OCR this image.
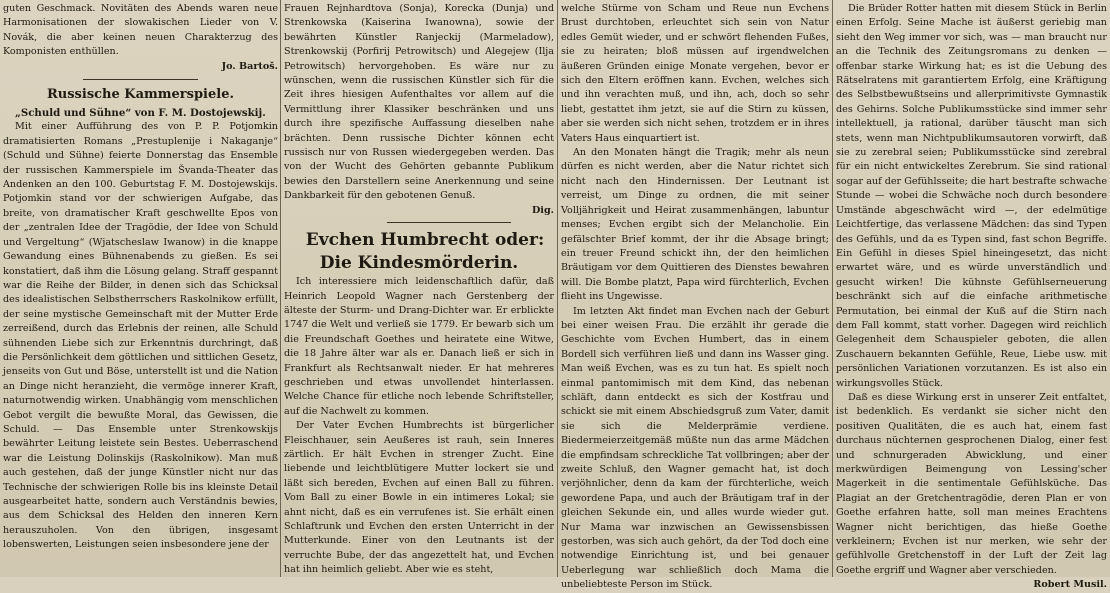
guten Geschmack. Novitäten des Abends waren neue Harmonisationen der slowakischen Lieder von V. Novák, die aber keinen neuen Charakterzug des Komponisten enthüllen.

Jo. Bartoš.

Russische Kammerspiele.

„Schuld und Sühne“ von F. M. Dostojewskij.

Mit einer Aufführung des von P. P. Potjomkin dramatisierten Romans „Prestuplenije i Nakaganje“ (Schuld und Sühne) feierte Donnerstag das Ensemble der russischen Kammerspiele im Švanda-Theater das Andenken an den 100. Geburtstag F. M. Dostojewskijs. Potjomkin stand vor der schwierigen Aufgabe, das breite, von dramatischer Kraft geschwellte Epos von der „zentralen Idee der Tragödie, der Idee von Schuld und Vergeltung“ (Wjatscheslaw Iwanow) in die knappe Gewandung eines Bühnenabends zu gießen. Es sei konstatiert, daß ihm die Lösung gelang. Straff gespannt war die Reihe der Bilder, in denen sich das Schicksal des idealistischen Selbstherrschers Raskolnikow erfüllt, der seine mystische Gemeinschaft mit der Mutter Erde zerreißend, durch das Erlebnis der reinen, alle Schuld sühnenden Liebe sich zur Erkenntnis durchringt, daß die Persönlichkeit dem göttlichen und sittlichen Gesetz, jenseits von Gut und Böse, unterstellt ist und die Nation an Dinge nicht heranzieht, die vermöge innerer Kraft, naturnotwendig wirken. Unabhängig vom menschlichen Gebot vergilt die bewußte Moral, das Gewissen, die Schuld. — Das Ensemble unter Strenkowskijs bewährter Leitung leistete sein Bestes. Ueberraschend war die Leistung Dolinskijs (Raskolnikow). Man muß auch gestehen, daß der junge Künstler nicht nur das Technische der schwierigen Rolle bis ins kleinste Detail ausgearbeitet hatte, sondern auch Verständnis bewies, aus dem Schicksal des Helden den inneren Kern herauszuholen. Von den übrigen, insgesamt lobenswerten, Leistungen seien insbesondere jene der

Frauen Rejnhardtova (Sonja), Korecka (Dunja) und Strenkowska (Kaiserina Iwanowna), sowie der bewährten Künstler Ranjeckij (Marmeladow), Strenkowskij (Porfirij Petrowitsch) und Alegejew (Ilja Petrowitsch) hervorgehoben. Es wäre nur zu wünschen, wenn die russischen Künstler sich für die Zeit ihres hiesigen Aufenthaltes vor allem auf die Vermittlung ihrer Klassiker beschränken und uns durch ihre spezifische Auffassung dieselben nahe brächten. Denn russische Dichter können echt russisch nur von Russen wiedergegeben werden. Das von der Wucht des Gehörten gebannte Publikum bewies den Darstellern seine Anerkennung und seine Dankbarkeit für den gebotenen Genuß.

Dig.

Evchen Humbrecht oder: Die Kindesmörderin.

Ich interessiere mich leidenschaftlich dafür, daß Heinrich Leopold Wagner nach Gerstenberg der älteste der Sturm- und Drang-Dichter war. Er erblickte 1747 die Welt und verließ sie 1779. Er bewarb sich um die Freundschaft Goethes und heiratete eine Witwe, die 18 Jahre älter war als er. Danach ließ er sich in Frankfurt als Rechtsanwalt nieder. Er hat mehreres geschrieben und etwas unvollendet hinterlassen. Welche Chance für etliche noch lebende Schriftsteller, auf die Nachwelt zu kommen.

Der Vater Evchen Humbrechts ist bürgerlicher Fleischhauer, sein Aeußeres ist rauh, sein Inneres zärtlich. Er hält Evchen in strenger Zucht. Eine liebende und leichtblütigere Mutter lockert sie und läßt sich bereden, Evchen auf einen Ball zu führen. Vom Ball zu einer Bowle in ein intimeres Lokal; sie ahnt nicht, daß es ein verrufenes ist. Sie erhält einen Schlaftrunk und Evchen den ersten Unterricht in der Mutterkunde. Einer von den Leutnants ist der verruchte Bube, der das angezettelt hat, und Evchen hat ihn heimlich geliebt. Aber wie es steht,

welche Stürme von Scham und Reue nun Evchens Brust durchtoben, erleuchtet sich sein von Natur edles Gemüt wieder, und er schwört flehenden Fußes, sie zu heiraten; bloß müssen auf irgendwelchen äußeren Gründen einige Monate vergehen, bevor er sich den Eltern eröffnen kann. Evchen, welches sich und ihn verachten muß, und ihn, ach, doch so sehr liebt, gestattet ihm jetzt, sie auf die Stirn zu küssen, aber sie werden sich nicht sehen, trotzdem er in ihres Vaters Haus einquartiert ist.

An den Monaten hängt die Tragik; mehr als neun dürfen es nicht werden, aber die Natur richtet sich nicht nach den Hindernissen. Der Leutnant ist verreist, um Dinge zu ordnen, die mit seiner Volljährigkeit und Heirat zusammenhängen, labuntur menses; Evchen ergibt sich der Melancholie. Ein gefälschter Brief kommt, der ihr die Absage bringt; ein treuer Freund schickt ihn, der den heimlichen Bräutigam vor dem Quittieren des Dienstes bewahren will. Die Bombe platzt, Papa wird fürchterlich, Evchen flieht ins Ungewisse.

Im letzten Akt findet man Evchen nach der Geburt bei einer weisen Frau. Die erzählt ihr gerade die Geschichte vom Evchen Humbert, das in einem Bordell sich verführen ließ und dann ins Wasser ging. Man weiß Evchen, was es zu tun hat. Es spielt noch einmal pantomimisch mit dem Kind, das nebenan schläft, dann entdeckt es sich der Kostfrau und schickt sie mit einem Abschiedsgruß zum Vater, damit sie sich die Melderprämie verdiene. Biedermeierzeitgemäß müßte nun das arme Mädchen die empfindsam schreckliche Tat vollbringen; aber der zweite Schluß, den Wagner gemacht hat, ist doch verjöhnlicher, denn da kam der fürchterliche, weich gewordene Papa, und auch der Bräutigam traf in der gleichen Sekunde ein, und alles wurde wieder gut. Nur Mama war inzwischen an Gewissensbissen gestorben, was sich auch gehört, da der Tod doch eine notwendige Einrichtung ist, und bei genauer Ueberlegung war schließlich doch Mama die unbeliebteste Person im Stück.

Die Brüder Rotter hatten mit diesem Stück in Berlin einen Erfolg. Seine Mache ist äußerst geriebig man sieht den Weg immer vor sich, was — man braucht nur an die Technik des Zeitungsromans zu denken — offenbar starke Wirkung hat; es ist die Uebung des Rätselratens mit garantiertem Erfolg, eine Kräftigung des Selbstbewußtseins und allerprimitivste Gymnastik des Gehirns. Solche Publikumsstücke sind immer sehr intellektuell, ja rational, darüber täuscht man sich stets, wenn man Nichtpublikumsautoren vorwirft, daß sie zu zerebral seien; Publikumsstücke sind zerebral für ein nicht entwickeltes Zerebrum. Sie sind rational sogar auf der Gefühlsseite; die hart bestrafte schwache Stunde — wobei die Schwäche noch durch besondere Umstände abgeschwächt wird —, der edelmütige Leichtfertige, das verlassene Mädchen: das sind Typen des Gefühls, und da es Typen sind, fast schon Begriffe. Ein Gefühl in dieses Spiel hineingesetzt, das nicht erwartet wäre, und es würde unverständlich und gesucht wirken! Die kühnste Gefühlserneuerung beschränkt sich auf die einfache arithmetische Permutation, bei einmal der Kuß auf die Stirn nach dem Fall kommt, statt vorher. Dagegen wird reichlich Gelegenheit dem Schauspieler geboten, die allen Zuschauern bekannten Gefühle, Reue, Liebe usw. mit persönlichen Variationen vorzutanzen. Es ist also ein wirkungsvolles Stück.

Daß es diese Wirkung erst in unserer Zeit entfaltet, ist bedenklich. Es verdankt sie sicher nicht den positiven Qualitäten, die es auch hat, einem fast durchaus nüchternen gesprochenen Dialog, einer fest und schnurgeraden Abwicklung, und einer merkwürdigen Beimengung von Lessing'scher Magerkeit in die sentimentale Gefühlsküche. Das Plagiat an der Gretchentragödie, deren Plan er von Goethe erfahren hatte, soll man meines Erachtens Wagner nicht berichtigen, das hieße Goethe verkleinern; Evchen ist nur merken, wie sehr der gefühlvolle Gretchenstoff in der Luft der Zeit lag Goethe ergriff und Wagner aber verschieden.

Robert Musil.
